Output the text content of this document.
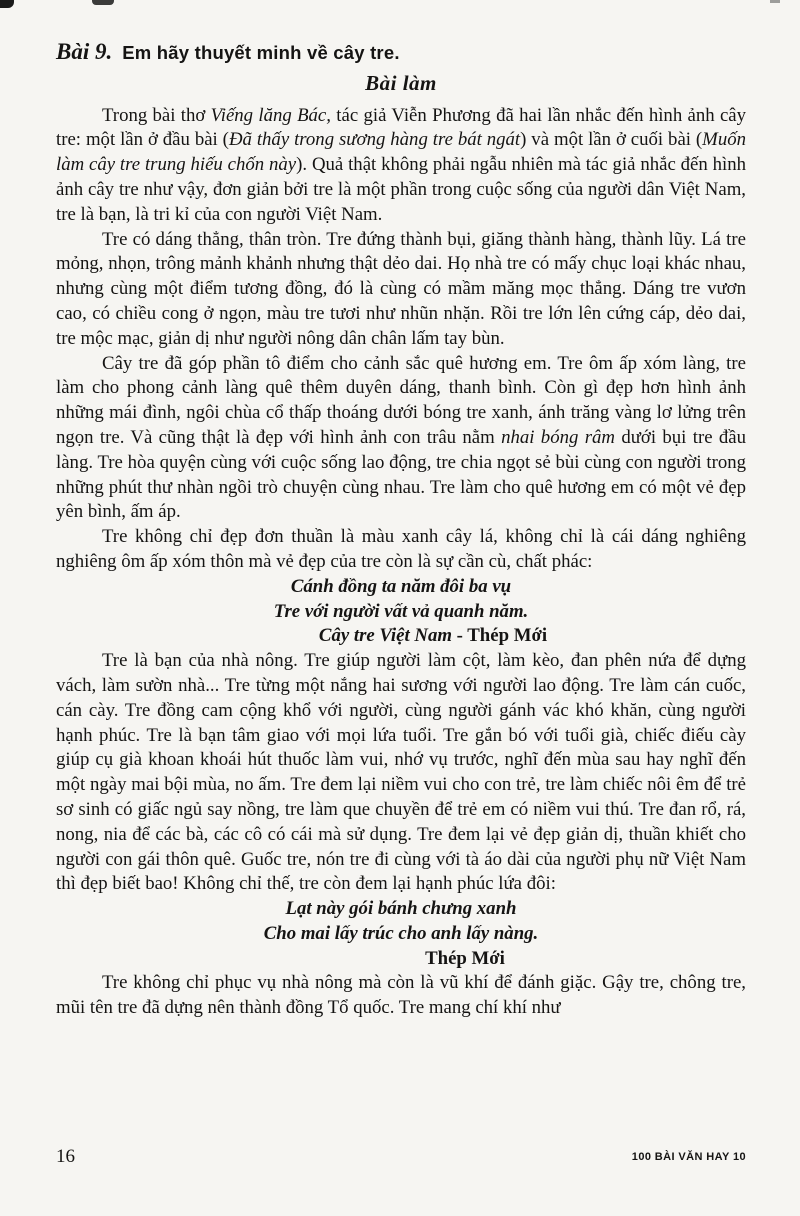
Bài 9. Em hãy thuyết minh về cây tre.
Bài làm

Trong bài thơ Viếng lăng Bác, tác giả Viễn Phương đã hai lần nhắc đến hình ảnh cây tre: một lần ở đầu bài (Đã thấy trong sương hàng tre bát ngát) và một lần ở cuối bài (Muốn làm cây tre trung hiếu chốn này). Quả thật không phải ngẫu nhiên mà tác giả nhắc đến hình ảnh cây tre như vậy, đơn giản bởi tre là một phần trong cuộc sống của người dân Việt Nam, tre là bạn, là tri kỉ của con người Việt Nam.

Tre có dáng thẳng, thân tròn. Tre đứng thành bụi, giăng thành hàng, thành lũy. Lá tre mỏng, nhọn, trông mảnh khảnh nhưng thật dẻo dai. Họ nhà tre có mấy chục loại khác nhau, nhưng cùng một điểm tương đồng, đó là cùng có mầm măng mọc thẳng. Dáng tre vươn cao, có chiều cong ở ngọn, màu tre tươi như nhũn nhặn. Rồi tre lớn lên cứng cáp, dẻo dai, tre mộc mạc, giản dị như người nông dân chân lấm tay bùn.

Cây tre đã góp phần tô điểm cho cảnh sắc quê hương em. Tre ôm ấp xóm làng, tre làm cho phong cảnh làng quê thêm duyên dáng, thanh bình. Còn gì đẹp hơn hình ảnh những mái đình, ngôi chùa cổ thấp thoáng dưới bóng tre xanh, ánh trăng vàng lơ lửng trên ngọn tre. Và cũng thật là đẹp với hình ảnh con trâu nằm nhai bóng râm dưới bụi tre đầu làng. Tre hòa quyện cùng với cuộc sống lao động, tre chia ngọt sẻ bùi cùng con người trong những phút thư nhàn ngồi trò chuyện cùng nhau. Tre làm cho quê hương em có một vẻ đẹp yên bình, ấm áp.

Tre không chỉ đẹp đơn thuần là màu xanh cây lá, không chỉ là cái dáng nghiêng nghiêng ôm ấp xóm thôn mà vẻ đẹp của tre còn là sự cần cù, chất phác:

Cánh đồng ta năm đôi ba vụ
Tre với người vất vả quanh năm.
Cây tre Việt Nam - Thép Mới

Tre là bạn của nhà nông. Tre giúp người làm cột, làm kèo, đan phên nứa để dựng vách, làm sườn nhà... Tre từng một nắng hai sương với người lao động. Tre làm cán cuốc, cán cày. Tre đồng cam cộng khổ với người, cùng người gánh vác khó khăn, cùng người hạnh phúc. Tre là bạn tâm giao với mọi lứa tuổi. Tre gắn bó với tuổi già, chiếc điếu cày giúp cụ già khoan khoái hút thuốc làm vui, nhớ vụ trước, nghĩ đến mùa sau hay nghĩ đến một ngày mai bội mùa, no ấm. Tre đem lại niềm vui cho con trẻ, tre làm chiếc nôi êm để trẻ sơ sinh có giấc ngủ say nồng, tre làm que chuyền để trẻ em có niềm vui thú. Tre đan rổ, rá, nong, nia để các bà, các cô có cái mà sử dụng. Tre đem lại vẻ đẹp giản dị, thuần khiết cho người con gái thôn quê. Guốc tre, nón tre đi cùng với tà áo dài của người phụ nữ Việt Nam thì đẹp biết bao! Không chỉ thế, tre còn đem lại hạnh phúc lứa đôi:

Lạt này gói bánh chưng xanh
Cho mai lấy trúc cho anh lấy nàng.
Thép Mới

Tre không chỉ phục vụ nhà nông mà còn là vũ khí để đánh giặc. Gậy tre, chông tre, mũi tên tre đã dựng nên thành đồng Tổ quốc. Tre mang chí khí như

16	100 BÀI VĂN HAY 10
